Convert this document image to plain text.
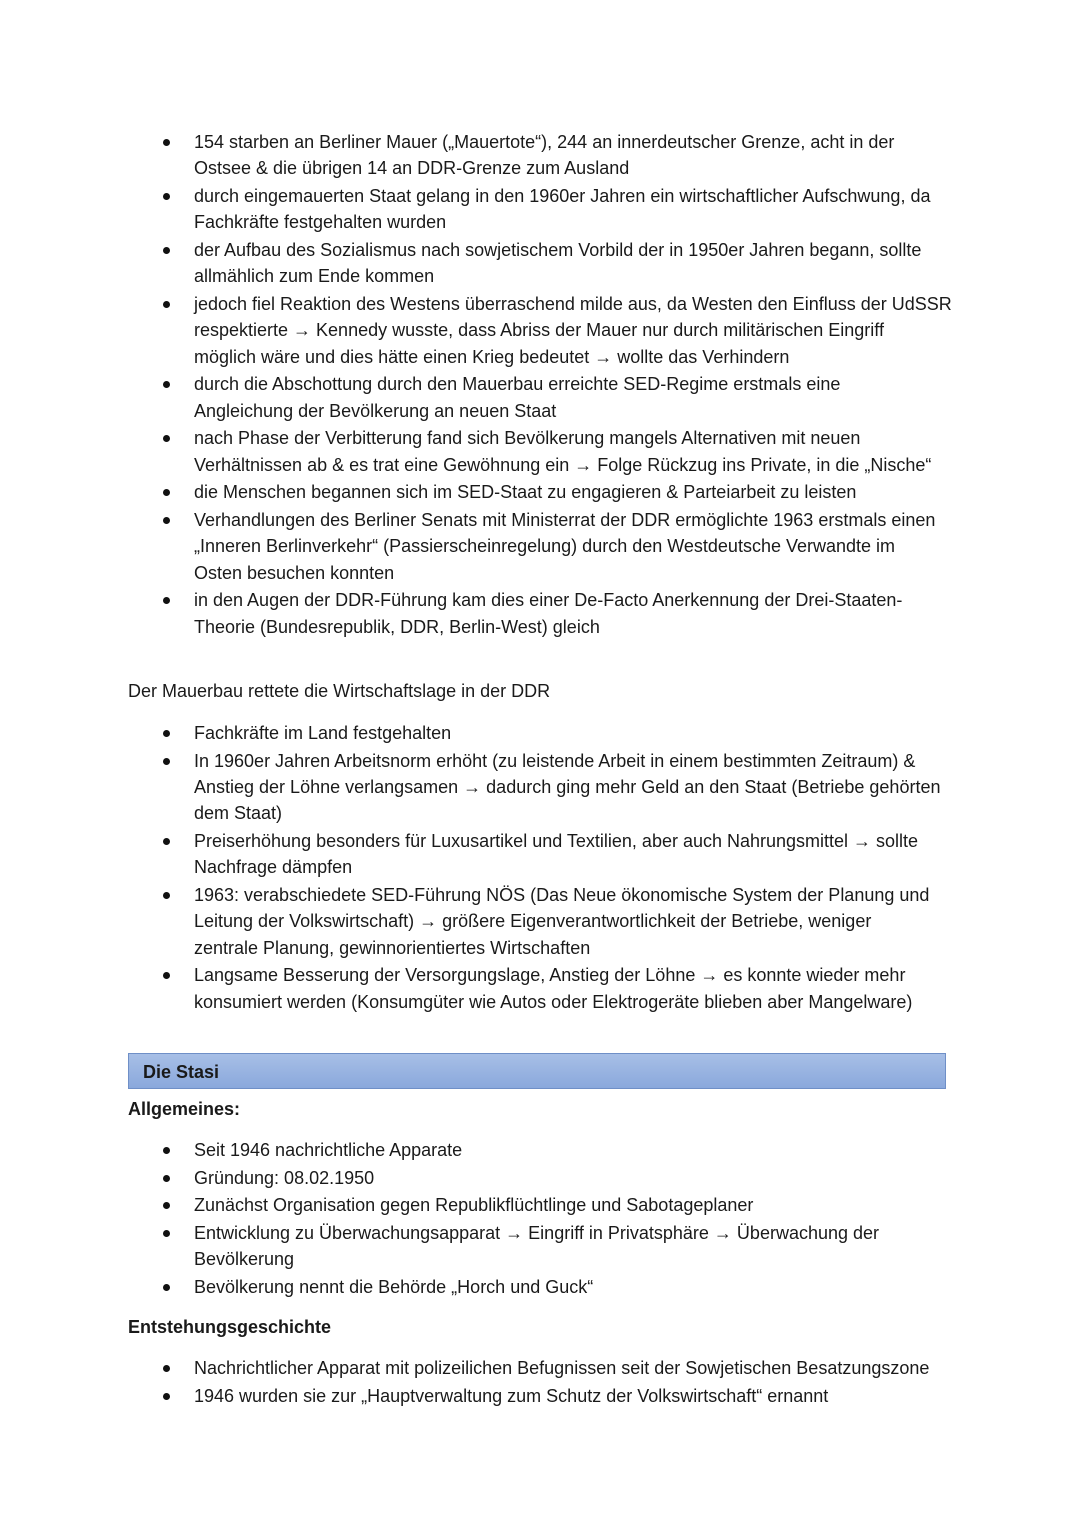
154 starben an Berliner Mauer („Mauertote“), 244 an innerdeutscher Grenze, acht in der
Ostsee & die übrigen 14 an DDR-Grenze zum Ausland
durch eingemauerten Staat gelang in den 1960er Jahren ein wirtschaftlicher Aufschwung, da
Fachkräfte festgehalten wurden
der Aufbau des Sozialismus nach sowjetischem Vorbild der in 1950er Jahren begann, sollte
allmählich zum Ende kommen
jedoch fiel Reaktion des Westens überraschend milde aus, da Westen den Einfluss der UdSSR
respektierte → Kennedy wusste, dass Abriss der Mauer nur durch militärischen Eingriff
möglich wäre und dies hätte einen Krieg bedeutet → wollte das Verhindern
durch die Abschottung durch den Mauerbau erreichte SED-Regime erstmals eine
Angleichung der Bevölkerung an neuen Staat
nach Phase der Verbitterung fand sich Bevölkerung mangels Alternativen mit neuen
Verhältnissen ab & es trat eine Gewöhnung ein → Folge Rückzug ins Private, in die „Nische“
die Menschen begannen sich im SED-Staat zu engagieren & Parteiarbeit zu leisten
Verhandlungen des Berliner Senats mit Ministerrat der DDR ermöglichte 1963 erstmals einen
„Inneren Berlinverkehr“ (Passierscheinregelung) durch den Westdeutsche Verwandte im
Osten besuchen konnten
in den Augen der DDR-Führung kam dies einer De-Facto Anerkennung der Drei-Staaten-
Theorie (Bundesrepublik, DDR, Berlin-West) gleich

Der Mauerbau rettete die Wirtschaftslage in der DDR

Fachkräfte im Land festgehalten
In 1960er Jahren Arbeitsnorm erhöht (zu leistende Arbeit in einem bestimmten Zeitraum) &
Anstieg der Löhne verlangsamen → dadurch ging mehr Geld an den Staat (Betriebe gehörten
dem Staat)
Preiserhöhung besonders für Luxusartikel und Textilien, aber auch Nahrungsmittel → sollte
Nachfrage dämpfen
1963: verabschiedete SED-Führung NÖS (Das Neue ökonomische System der Planung und
Leitung der Volkswirtschaft) → größere Eigenverantwortlichkeit der Betriebe, weniger
zentrale Planung, gewinnorientiertes Wirtschaften
Langsame Besserung der Versorgungslage, Anstieg der Löhne → es konnte wieder mehr
konsumiert werden (Konsumgüter wie Autos oder Elektrogeräte blieben aber Mangelware)
Die Stasi

Allgemeines:

Seit 1946 nachrichtliche Apparate
Gründung: 08.02.1950
Zunächst Organisation gegen Republikflüchtlinge und Sabotageplaner
Entwicklung zu Überwachungsapparat → Eingriff in Privatsphäre → Überwachung der
Bevölkerung
Bevölkerung nennt die Behörde „Horch und Guck“

Entstehungsgeschichte

Nachrichtlicher Apparat mit polizeilichen Befugnissen seit der Sowjetischen Besatzungszone
1946 wurden sie zur „Hauptverwaltung zum Schutz der Volkswirtschaft“ ernannt
